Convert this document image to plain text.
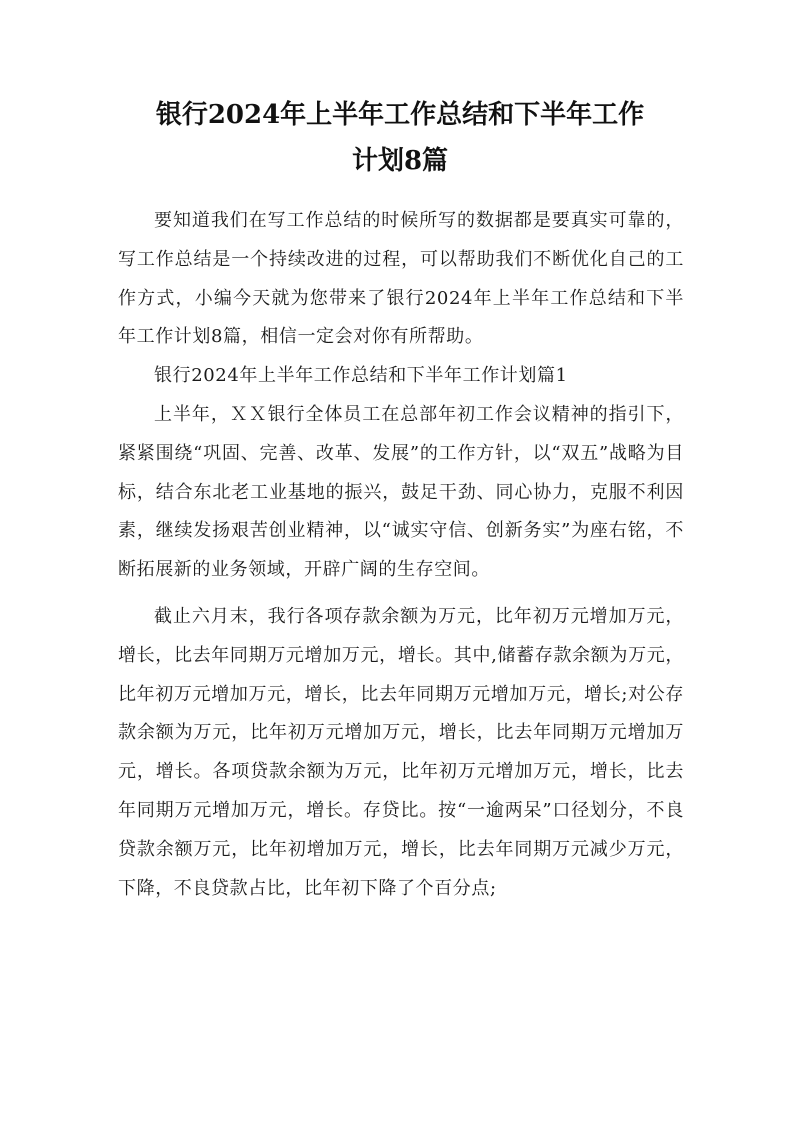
银行2024年上半年工作总结和下半年工作
计划8篇

要知道我们在写工作总结的时候所写的数据都是要真实可靠的，写工作总结是一个持续改进的过程，可以帮助我们不断优化自己的工作方式，小编今天就为您带来了银行2024年上半年工作总结和下半年工作计划8篇，相信一定会对你有所帮助。

银行2024年上半年工作总结和下半年工作计划篇1

上半年，ＸＸ银行全体员工在总部年初工作会议精神的指引下，紧紧围绕“巩固、完善、改革、发展”的工作方针，以“双五”战略为目标，结合东北老工业基地的振兴，鼓足干劲、同心协力，克服不利因素，继续发扬艰苦创业精神，以“诚实守信、创新务实”为座右铭，不断拓展新的业务领域，开辟广阔的生存空间。

截止六月末，我行各项存款余额为万元，比年初万元增加万元，增长，比去年同期万元增加万元，增长。其中,储蓄存款余额为万元，比年初万元增加万元，增长，比去年同期万元增加万元，增长;对公存款余额为万元，比年初万元增加万元，增长，比去年同期万元增加万元，增长。各项贷款余额为万元，比年初万元增加万元，增长，比去年同期万元增加万元，增长。存贷比。按“一逾两呆”口径划分，不良贷款余额万元，比年初增加万元，增长，比去年同期万元减少万元，下降，不良贷款占比，比年初下降了个百分点;
